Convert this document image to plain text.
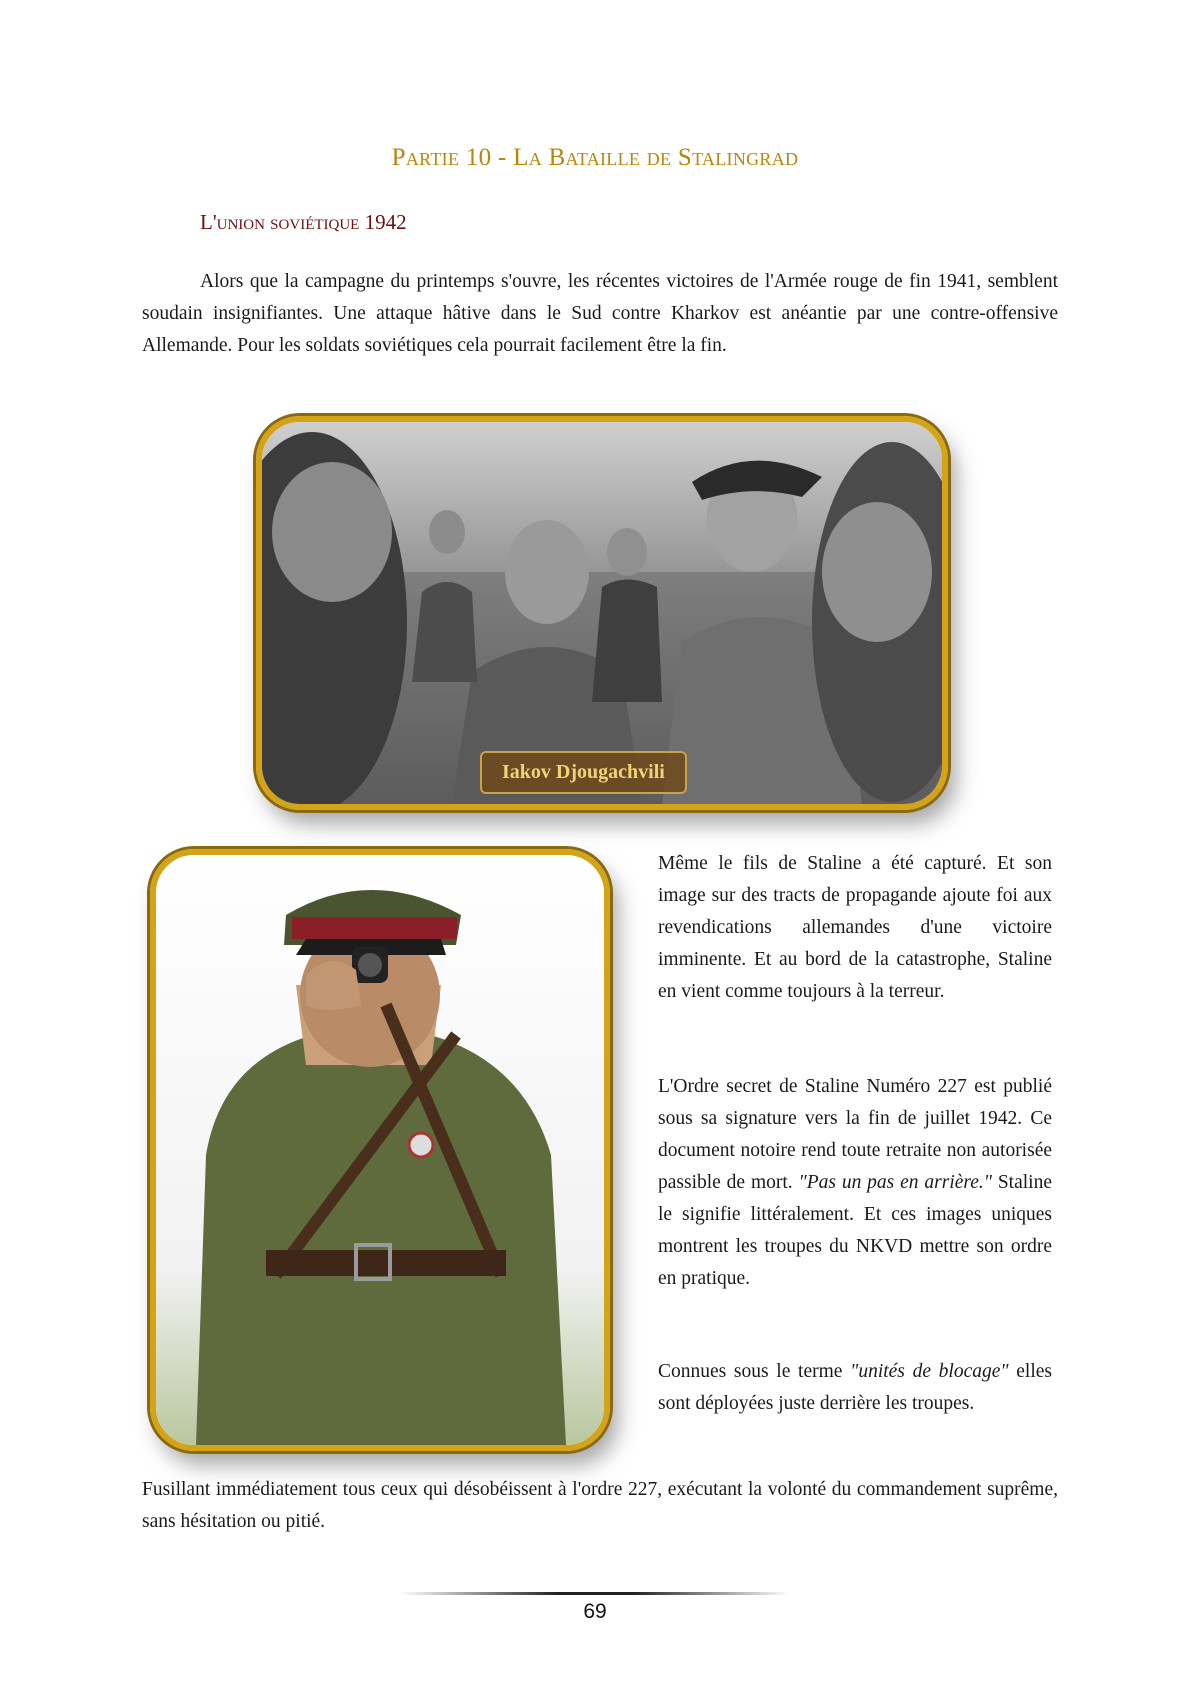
Partie 10 - La Bataille de Stalingrad
L'union soviétique 1942
Alors que la campagne du printemps s'ouvre, les récentes victoires de l'Armée rouge de fin 1941, semblent soudain insignifiantes. Une attaque hâtive dans le Sud contre Kharkov est anéantie par une contre-offensive Allemande. Pour les soldats soviétiques cela pourrait facilement être la fin.
Iakov Djougachvili
Même le fils de Staline a été capturé. Et son image sur des tracts de propagande ajoute foi aux revendications allemandes d'une victoire imminente. Et au bord de la catastrophe, Staline en vient comme toujours à la terreur.
L'Ordre secret de Staline Numéro 227 est publié sous sa signature vers la fin de juillet 1942. Ce document notoire rend toute retraite non autorisée passible de mort. "Pas un pas en arrière." Staline le signifie littéralement. Et ces images uniques montrent les troupes du NKVD mettre son ordre en pratique.
Connues sous le terme "unités de blocage" elles sont déployées juste derrière les troupes.
Fusillant immédiatement tous ceux qui désobéissent à l'ordre 227, exécutant la volonté du commandement suprême, sans hésitation ou pitié.
69
